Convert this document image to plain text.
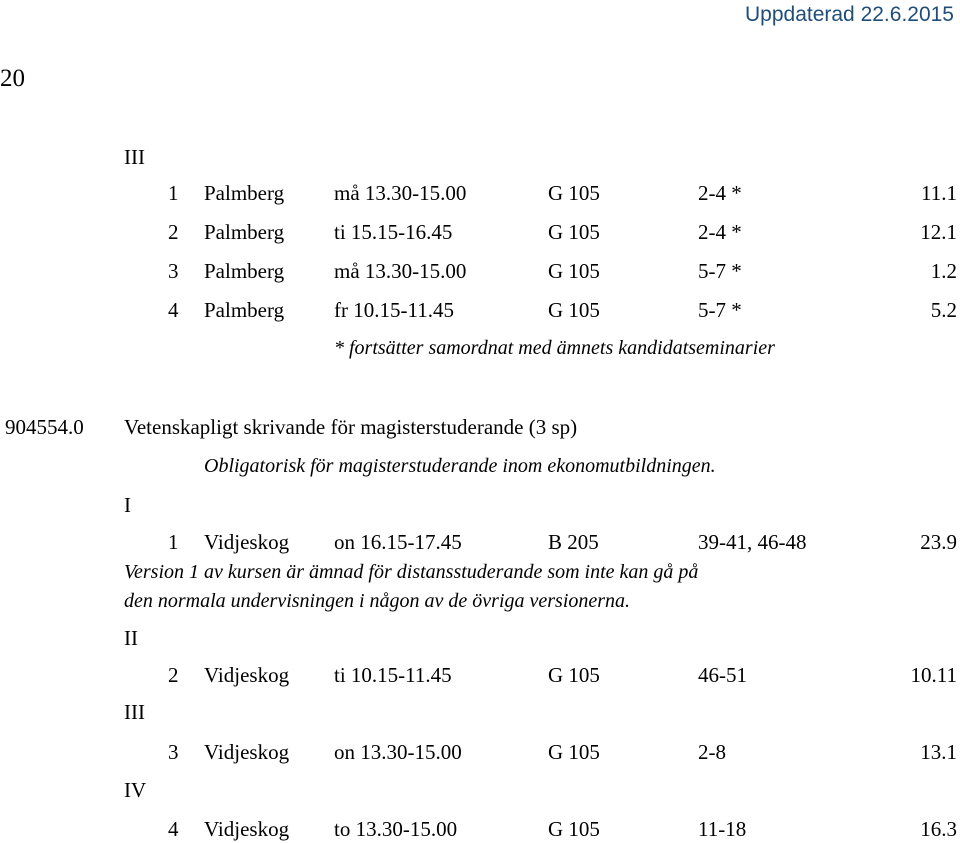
Uppdaterad 22.6.2015
20
III
1 Palmberg må 13.30-15.00	G 105	2-4 *	11.1
2 Palmberg ti 15.15-16.45	G 105	2-4 *	12.1
3 Palmberg må 13.30-15.00	G 105	5-7 *	1.2
4 Palmberg fr 10.15-11.45	G 105	5-7 *	5.2
* fortsätter samordnat med ämnets kandidatseminarier
904554.0 Vetenskapligt skrivande för magisterstuderande (3 sp)
Obligatorisk för magisterstuderande inom ekonomutbildningen.
I
1 Vidjeskog on 16.15-17.45	B 205	39-41, 46-48	23.9
Version 1 av kursen är ämnad för distansstuderande som inte kan gå på
den normala undervisningen i någon av de övriga versionerna.
II
2 Vidjeskog ti 10.15-11.45	G 105	46-51	10.11
III
3 Vidjeskog on 13.30-15.00	G 105	2-8	13.1
IV
4 Vidjeskog to 13.30-15.00	G 105	11-18	16.3
